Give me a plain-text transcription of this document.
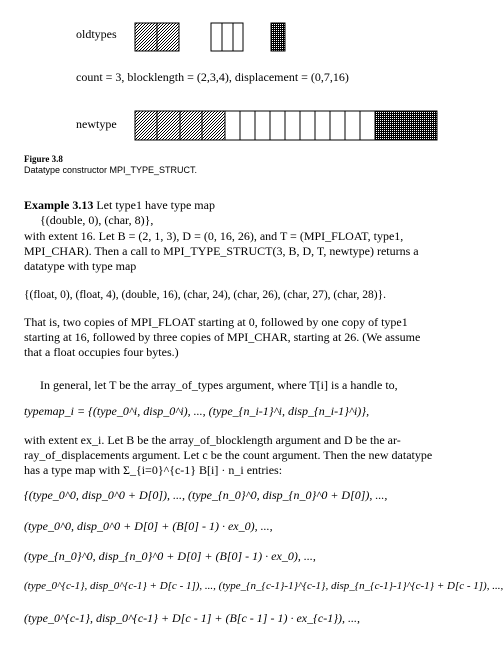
oldtypes
count = 3, blocklength = (2,3,4), displacement = (0,7,16)
newtype
Figure 3.8
Datatype constructor MPI_TYPE_STRUCT.
Example 3.13 Let type1 have type map
{(double, 0), (char, 8)},
with extent 16. Let B = (2, 1, 3), D = (0, 16, 26), and T = (MPI_FLOAT, type1,
MPI_CHAR). Then a call to MPI_TYPE_STRUCT(3, B, D, T, newtype) returns a
datatype with type map
{(float, 0), (float, 4), (double, 16), (char, 24), (char, 26), (char, 27), (char, 28)}.
That is, two copies of MPI_FLOAT starting at 0, followed by one copy of type1
starting at 16, followed by three copies of MPI_CHAR, starting at 26. (We assume
that a float occupies four bytes.)
In general, let T be the array_of_types argument, where T[i] is a handle to,
typemap_i = {(type_0^i, disp_0^i), ..., (type_{n_i-1}^i, disp_{n_i-1}^i)},
with extent ex_i. Let B be the array_of_blocklength argument and D be the ar-
ray_of_displacements argument. Let c be the count argument. Then the new datatype
has a type map with Σ_{i=0}^{c-1} B[i] · n_i entries:
{(type_0^0, disp_0^0 + D[0]), ..., (type_{n_0}^0, disp_{n_0}^0 + D[0]), ...,
(type_0^0, disp_0^0 + D[0] + (B[0] - 1) · ex_0), ...,
(type_{n_0}^0, disp_{n_0}^0 + D[0] + (B[0] - 1) · ex_0), ...,
(type_0^{c-1}, disp_0^{c-1} + D[c - 1]), ..., (type_{n_{c-1}-1}^{c-1}, disp_{n_{c-1}-1}^{c-1} + D[c - 1]), ...,
(type_0^{c-1}, disp_0^{c-1} + D[c - 1] + (B[c - 1] - 1) · ex_{c-1}), ...,
